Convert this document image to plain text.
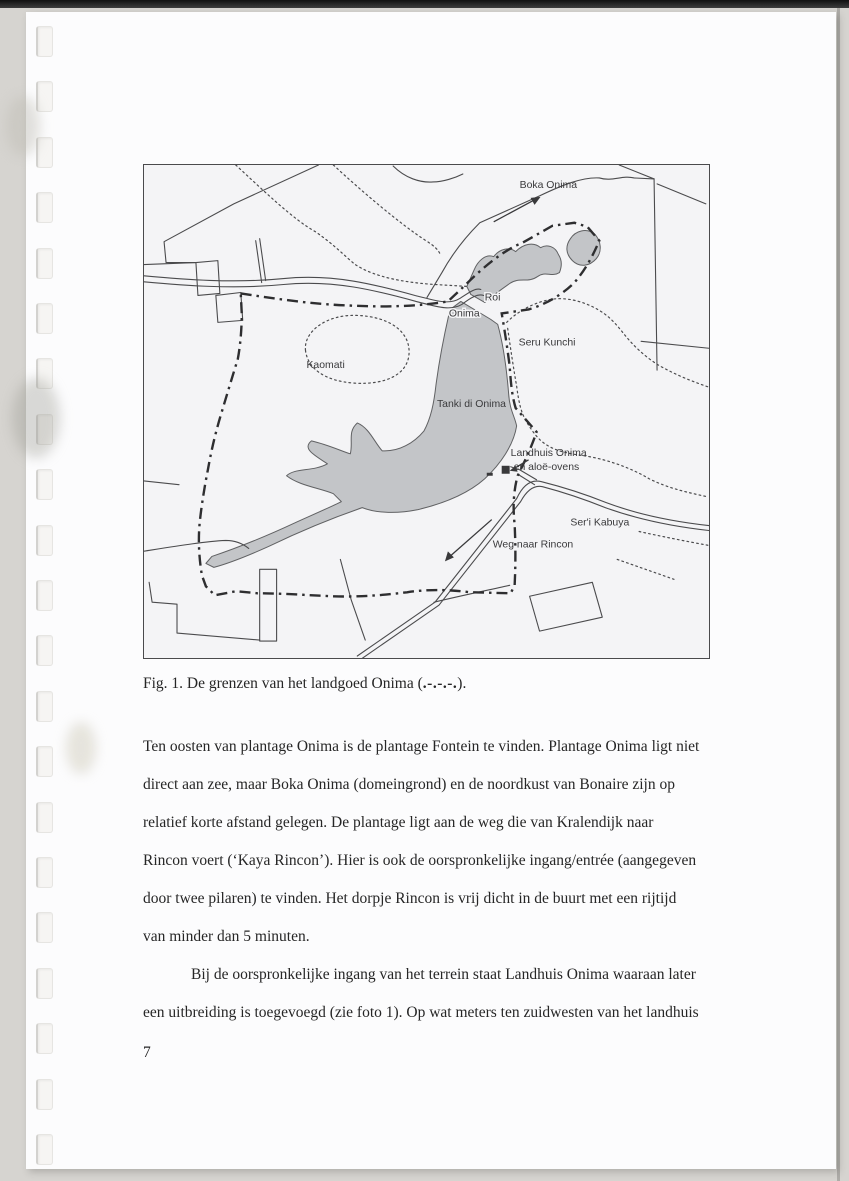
Boka Onima
Roi
Onima
Seru Kunchi
Kaomati
Tanki di Onima
Landhuis Onima
en aloë-ovens
Ser'i Kabuya
Weg naar Rincon
Fig. 1. De grenzen van het landgoed Onima (.-.-.-.).
Ten oosten van plantage Onima is de plantage Fontein te vinden. Plantage Onima ligt niet
direct aan zee, maar Boka Onima (domeingrond) en de noordkust van Bonaire zijn op
relatief korte afstand gelegen. De plantage ligt aan de weg die van Kralendijk naar
Rincon voert (‘Kaya Rincon’). Hier is ook de oorspronkelijke ingang/entrée (aangegeven
door twee pilaren) te vinden. Het dorpje Rincon is vrij dicht in de buurt met een rijtijd
van minder dan 5 minuten.
Bij de oorspronkelijke ingang van het terrein staat Landhuis Onima waaraan later
een uitbreiding is toegevoegd (zie foto 1). Op wat meters ten zuidwesten van het landhuis
7
